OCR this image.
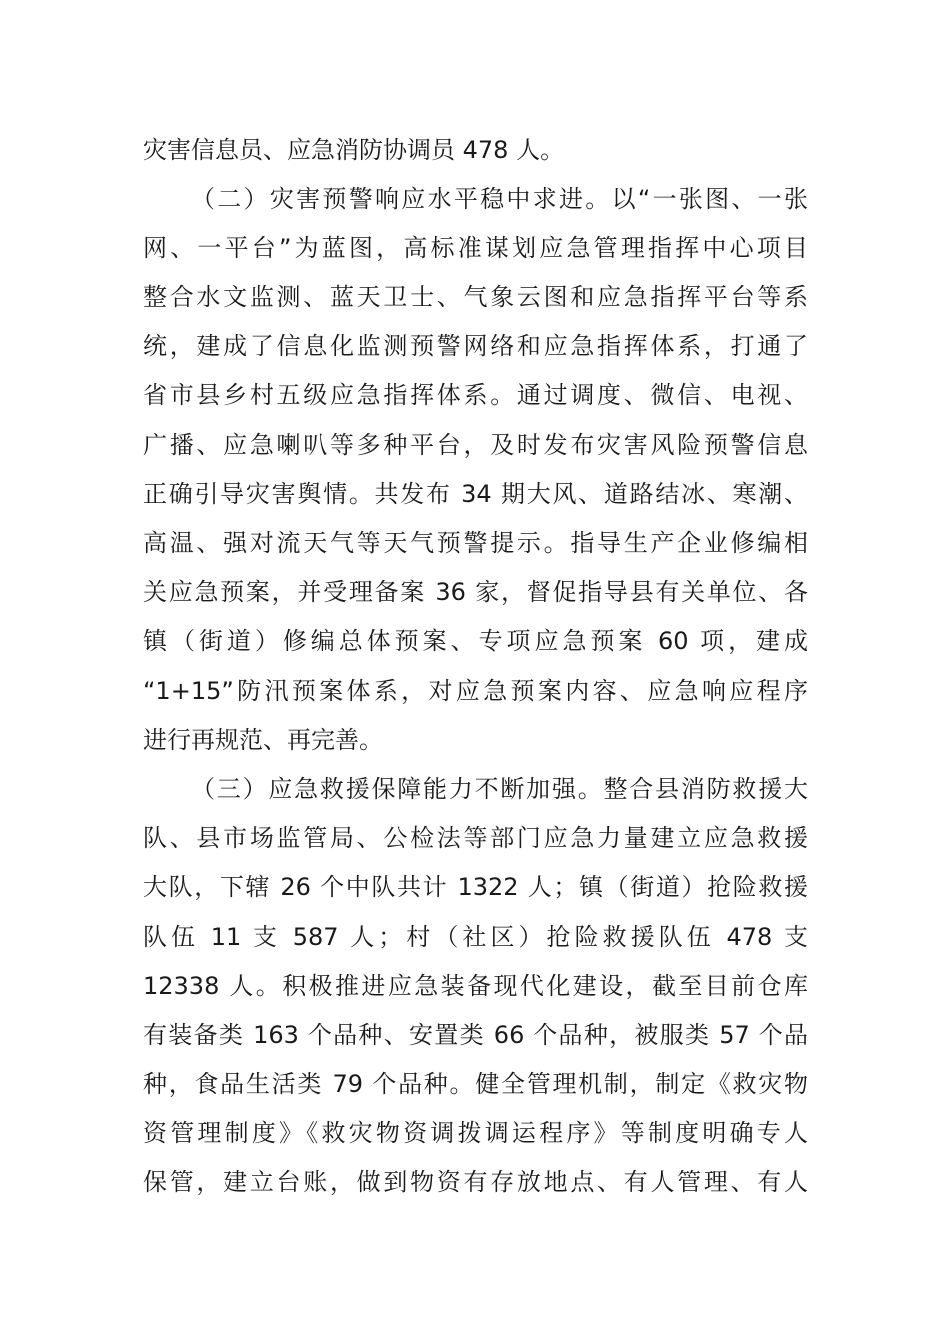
灾害信息员、应急消防协调员 478 人。
（二）灾害预警响应水平稳中求进。以“一张图、一张
网、一平台”为蓝图，高标准谋划应急管理指挥中心项目
整合水文监测、蓝天卫士、气象云图和应急指挥平台等系
统，建成了信息化监测预警网络和应急指挥体系，打通了
省市县乡村五级应急指挥体系。通过调度、微信、电视、
广播、应急喇叭等多种平台，及时发布灾害风险预警信息
正确引导灾害舆情。共发布 34 期大风、道路结冰、寒潮、
高温、强对流天气等天气预警提示。指导生产企业修编相
关应急预案，并受理备案 36 家，督促指导县有关单位、各
镇（街道）修编总体预案、专项应急预案 60 项，建成
“1+15”防汛预案体系，对应急预案内容、应急响应程序
进行再规范、再完善。
（三）应急救援保障能力不断加强。整合县消防救援大
队、县市场监管局、公检法等部门应急力量建立应急救援
大队，下辖 26 个中队共计 1322 人；镇（街道）抢险救援
队伍 11 支 587 人；村（社区）抢险救援队伍 478 支
12338 人。积极推进应急装备现代化建设，截至目前仓库
有装备类 163 个品种、安置类 66 个品种，被服类 57 个品
种，食品生活类 79 个品种。健全管理机制，制定《救灾物
资管理制度》《救灾物资调拨调运程序》等制度明确专人
保管，建立台账，做到物资有存放地点、有人管理、有人
